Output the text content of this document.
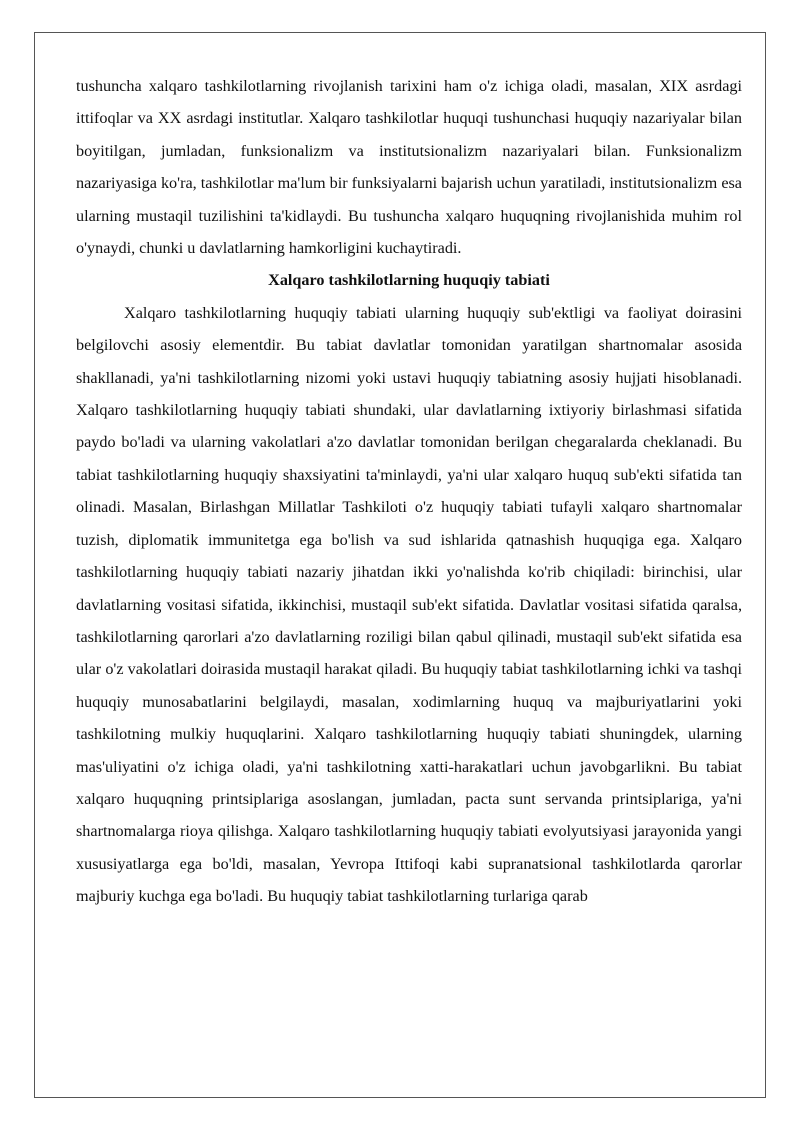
tushuncha xalqaro tashkilotlarning rivojlanish tarixini ham o'z ichiga oladi, masalan, XIX asrdagi ittifoqlar va XX asrdagi institutlar. Xalqaro tashkilotlar huquqi tushunchasi huquqiy nazariyalar bilan boyitilgan, jumladan, funksionalizm va institutsionalizm nazariyalari bilan. Funksionalizm nazariyasiga ko'ra, tashkilotlar ma'lum bir funksiyalarni bajarish uchun yaratiladi, institutsionalizm esa ularning mustaqil tuzilishini ta'kidlaydi. Bu tushuncha xalqaro huquqning rivojlanishida muhim rol o'ynaydi, chunki u davlatlarning hamkorligini kuchaytiradi.

Xalqaro tashkilotlarning huquqiy tabiati

Xalqaro tashkilotlarning huquqiy tabiati ularning huquqiy sub'ektligi va faoliyat doirasini belgilovchi asosiy elementdir. Bu tabiat davlatlar tomonidan yaratilgan shartnomalar asosida shakllanadi, ya'ni tashkilotlarning nizomi yoki ustavi huquqiy tabiatning asosiy hujjati hisoblanadi. Xalqaro tashkilotlarning huquqiy tabiati shundaki, ular davlatlarning ixtiyoriy birlashmasi sifatida paydo bo'ladi va ularning vakolatlari a'zo davlatlar tomonidan berilgan chegaralarda cheklanadi. Bu tabiat tashkilotlarning huquqiy shaxsiyatini ta'minlaydi, ya'ni ular xalqaro huquq sub'ekti sifatida tan olinadi. Masalan, Birlashgan Millatlar Tashkiloti o'z huquqiy tabiati tufayli xalqaro shartnomalar tuzish, diplomatik immunitetga ega bo'lish va sud ishlarida qatnashish huquqiga ega. Xalqaro tashkilotlarning huquqiy tabiati nazariy jihatdan ikki yo'nalishda ko'rib chiqiladi: birinchisi, ular davlatlarning vositasi sifatida, ikkinchisi, mustaqil sub'ekt sifatida. Davlatlar vositasi sifatida qaralsa, tashkilotlarning qarorlari a'zo davlatlarning roziligi bilan qabul qilinadi, mustaqil sub'ekt sifatida esa ular o'z vakolatlari doirasida mustaqil harakat qiladi. Bu huquqiy tabiat tashkilotlarning ichki va tashqi huquqiy munosabatlarini belgilaydi, masalan, xodimlarning huquq va majburiyatlarini yoki tashkilotning mulkiy huquqlarini. Xalqaro tashkilotlarning huquqiy tabiati shuningdek, ularning mas'uliyatini o'z ichiga oladi, ya'ni tashkilotning xatti-harakatlari uchun javobgarlikni. Bu tabiat xalqaro huquqning printsiplariga asoslangan, jumladan, pacta sunt servanda printsiplariga, ya'ni shartnomalarga rioya qilishga. Xalqaro tashkilotlarning huquqiy tabiati evolyutsiyasi jarayonida yangi xususiyatlarga ega bo'ldi, masalan, Yevropa Ittifoqi kabi supranatsional tashkilotlarda qarorlar majburiy kuchga ega bo'ladi. Bu huquqiy tabiat tashkilotlarning turlariga qarab
